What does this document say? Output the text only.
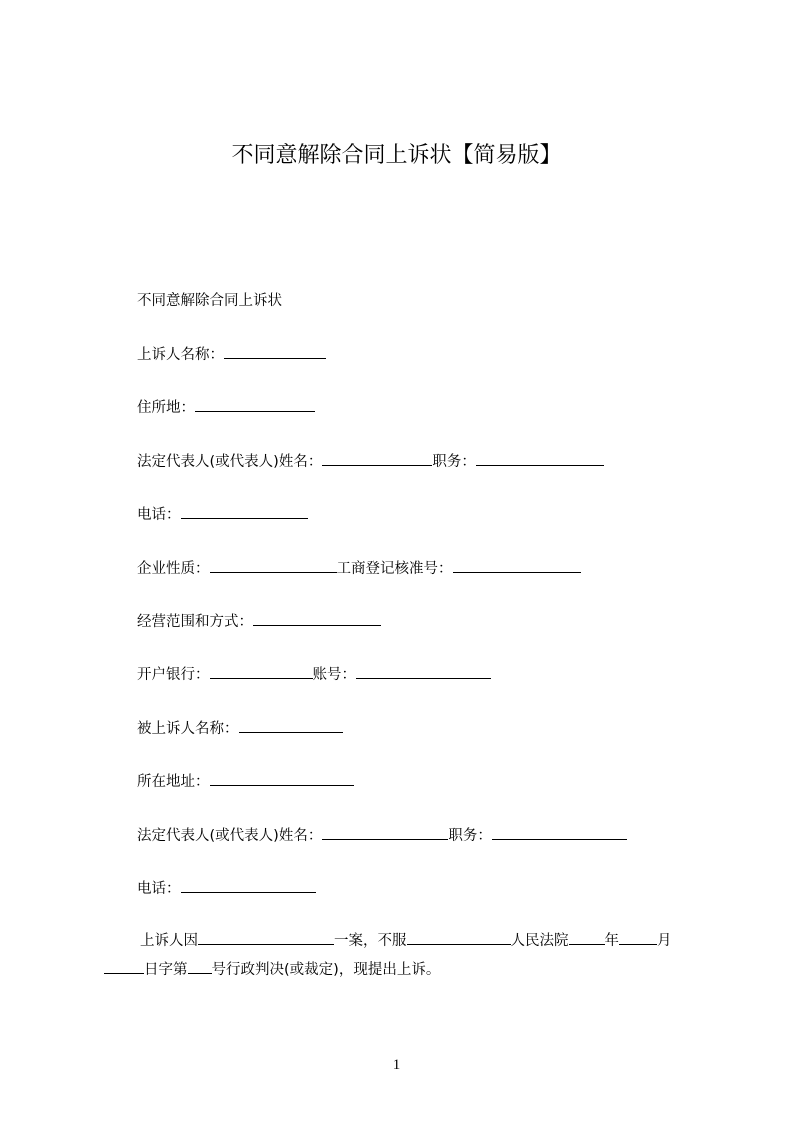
不同意解除合同上诉状【简易版】
不同意解除合同上诉状
上诉人名称：
住所地：
法定代表人(或代表人)姓名：	职务：
电话：
企业性质：	工商登记核准号：
经营范围和方式：
开户银行：	账号：
被上诉人名称：
所在地址：
法定代表人(或代表人)姓名：	职务：
电话：
上诉人因	一案，不服	人民法院 年	月
日字第 号行政判决(或裁定)，现提出上诉。
1
